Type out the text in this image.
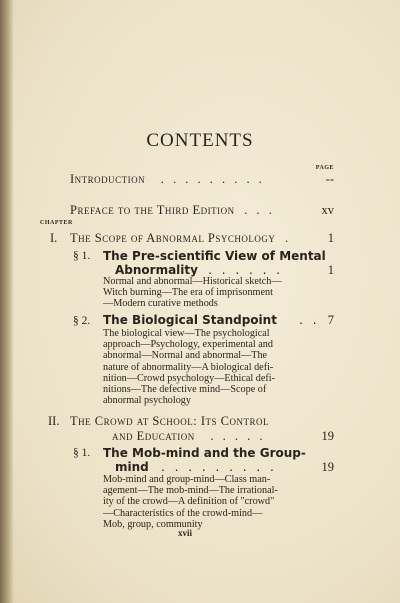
CONTENTS
PAGE
Introduction . . . . . . . . .	--
Preface to the Third Edition . . .	xv
CHAPTER
I. The Scope of Abnormal Psychology .	1
§ 1. The Pre-scientific View of Mental
Abnormality . . . . . .	1
Normal and abnormal—Historical sketch—
Witch burning—The era of imprisonment
—Modern curative methods
§ 2. The Biological Standpoint . . 7
The biological view—The psychological
approach—Psychology, experimental and
abnormal—Normal and abnormal—The
nature of abnormality—A biological defi-
nition—Crowd psychology—Ethical defi-
nitions—The defective mind—Scope of
abnormal psychology
II. The Crowd at School: Its Control
and Education . . . . .	19
§ 1. The Mob-mind and the Group-
mind . . . . . . . . .	19
Mob-mind and group-mind—Class man-
agement—The mob-mind—The irrational-
ity of the crowd—A definition of "crowd"
—Characteristics of the crowd-mind—
Mob, group, community
xvii
